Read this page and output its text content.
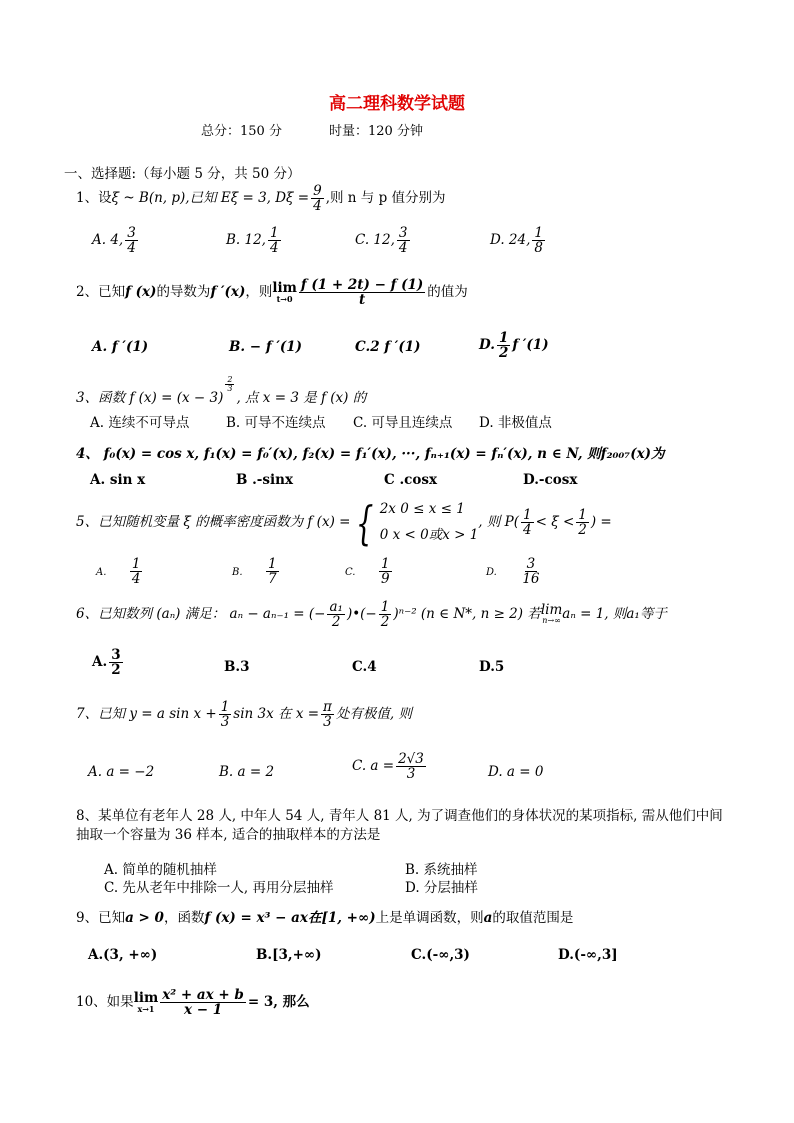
高二理科数学试题
总分：150 分	时量：120 分钟
一、选择题:（每小题 5 分，共 50 分）
1、设ξ ~ B(n, p),已知 Eξ = 3, $D\xi = \frac{9}{4}$ ,则 n 与 p 值分别为
A. 4, $\frac{3}{4}$	B. 12, $\frac{1}{4}$	C. 12, $\frac{3}{4}$	D. 24, $\frac{1}{8}$
2、已知f (x)的导数为f ′(x)，则 lim
$t\to 0 \frac{f (1 + 2t) - f (1)}{t}$ 的值为
A. f ′(1)	B. − f ′(1)	C.2 f ′(1)	D. $\frac{1}{2}$ f ′(1)
3、函数 f (x) = (x − 3)
$\frac{2}{3}$
, 点 x = 3 是 f (x) 的
A. 连续不可导点	B. 可导不连续点 C. 可导且连续点 D. 非极值点
4、 f₀(x) = cos x, f₁(x) = f₀′(x), f₂(x) = f₁′(x), ···, fₙ₊₁(x) = fₙ′(x), n ∈ N, 则f₂₀₀₇(x)为
A. sin x	B .-sinx	C .cosx	D.-cosx
5、已知随机变量 ξ 的概率密度函数为 f (x) = { 2x 0 ≤ x ≤ 1
0 x < 0或x > 1
, 则 $P( \frac{1}{4} < \xi < \frac{1}{2}$ ) =
A. $\frac{1}{4}$	B. $\frac{1}{7}$	C. $\frac{1}{9}$	D. $\frac{3}{16}$
6、已知数列 (aₙ) 满足： aₙ − aₙ₋₁ = (− $\frac{\text{a₁}}{2}$ )•(− $\frac{1}{2} )^{n-2}$ (n ∈ N*, n ≥ 2) 若 lim
n→∞ aₙ = 1, 则a₁等于
A. $\frac{3}{2}$	B.3	C.4	D.5
7、已知 y = a $\sin x + \frac{1}{3}$ sin 3x 在 $x = \frac{\pi}{3}$ 处有极值, 则
A. a = −2	B. a = 2	C. $a = \frac{2√3}{3}$	D. a = 0
8、某单位有老年人 28 人, 中年人 54 人, 青年人 81 人, 为了调查他们的身体状况的某项指标, 需从他们中间
抽取一个容量为 36 样本, 适合的抽取样本的方法是
A. 简单的随机抽样	B. 系统抽样
C. 先从老年中排除一人, 再用分层抽样	D. 分层抽样
9、已知a > 0，函数f (x) = x³ − ax在[1, +∞)上是单调函数，则a的取值范围是
A.(3, +∞)	B.[3,+∞)	C.(-∞,3)	D.(-∞,3]
10、如果 lim
$x\to 1 \frac{\text{x² + ax + b}}{x - 1} = 3$, 那么
